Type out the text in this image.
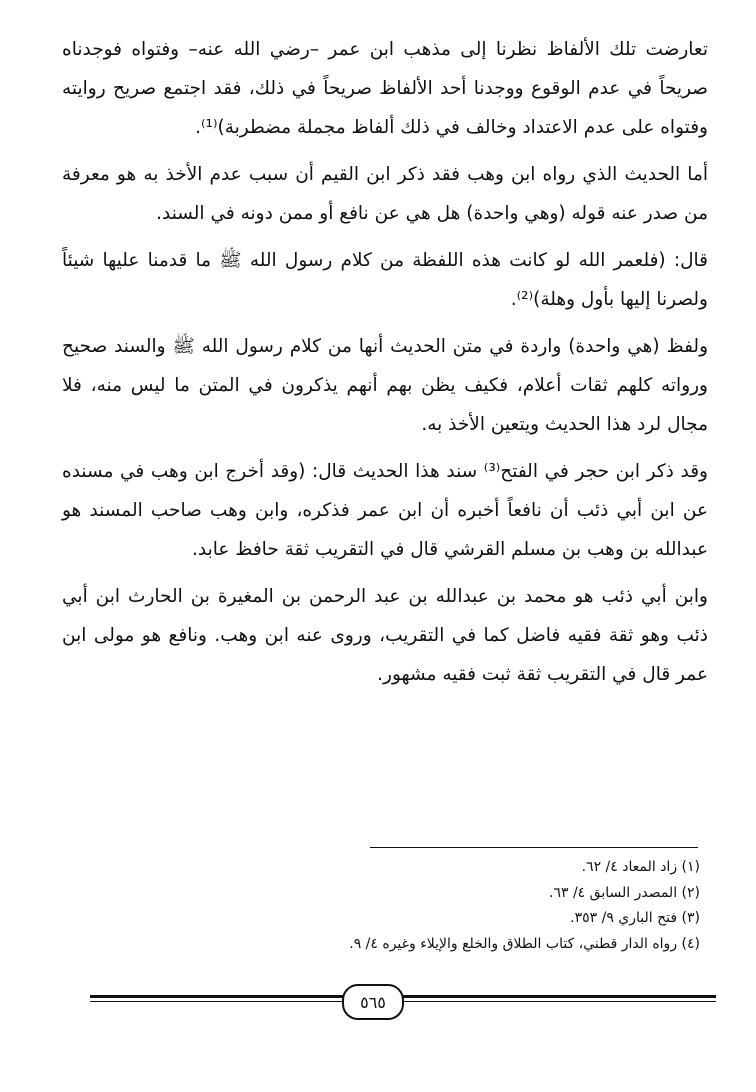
تعارضت تلك الألفاظ نظرنا إلى مذهب ابن عمر –رضي الله عنه– وفتواه فوجدناه صريحاً في عدم الوقوع ووجدنا أحد الألفاظ صريحاً في ذلك، فقد اجتمع صريح روايته وفتواه على عدم الاعتداد وخالف في ذلك ألفاظ مجملة مضطربة)⁽¹⁾.

أما الحديث الذي رواه ابن وهب فقد ذكر ابن القيم أن سبب عدم الأخذ به هو معرفة من صدر عنه قوله (وهي واحدة) هل هي عن نافع أو ممن دونه في السند.

قال: (فلعمر الله لو كانت هذه اللفظة من كلام رسول الله ﷺ ما قدمنا عليها شيئاً ولصرنا إليها بأول وهلة)⁽²⁾.

ولفظ (هي واحدة) واردة في متن الحديث أنها من كلام رسول الله ﷺ والسند صحيح ورواته كلهم ثقات أعلام، فكيف يظن بهم أنهم يذكرون في المتن ما ليس منه، فلا مجال لرد هذا الحديث ويتعين الأخذ به.

وقد ذكر ابن حجر في الفتح⁽³⁾ سند هذا الحديث قال: (وقد أخرج ابن وهب في مسنده عن ابن أبي ذئب أن نافعاً أخبره أن ابن عمر فذكره، وابن وهب صاحب المسند هو عبدالله بن وهب بن مسلم القرشي قال في التقريب ثقة حافظ عابد.

وابن أبي ذئب هو محمد بن عبدالله بن عبد الرحمن بن المغيرة بن الحارث ابن أبي ذئب وهو ثقة فقيه فاضل كما في التقريب، وروى عنه ابن وهب. ونافع هو مولى ابن عمر قال في التقريب ثقة ثبت فقيه مشهور.

(١) زاد المعاد ٤/ ٦٢.

(٢) المصدر السابق ٤/ ٦٣.

(٣) فتح الباري ٩/ ٣٥٣.

(٤) رواه الدار قطني، كتاب الطلاق والخلع والإيلاء وغيره ٤/ ٩.

٥٦٥
